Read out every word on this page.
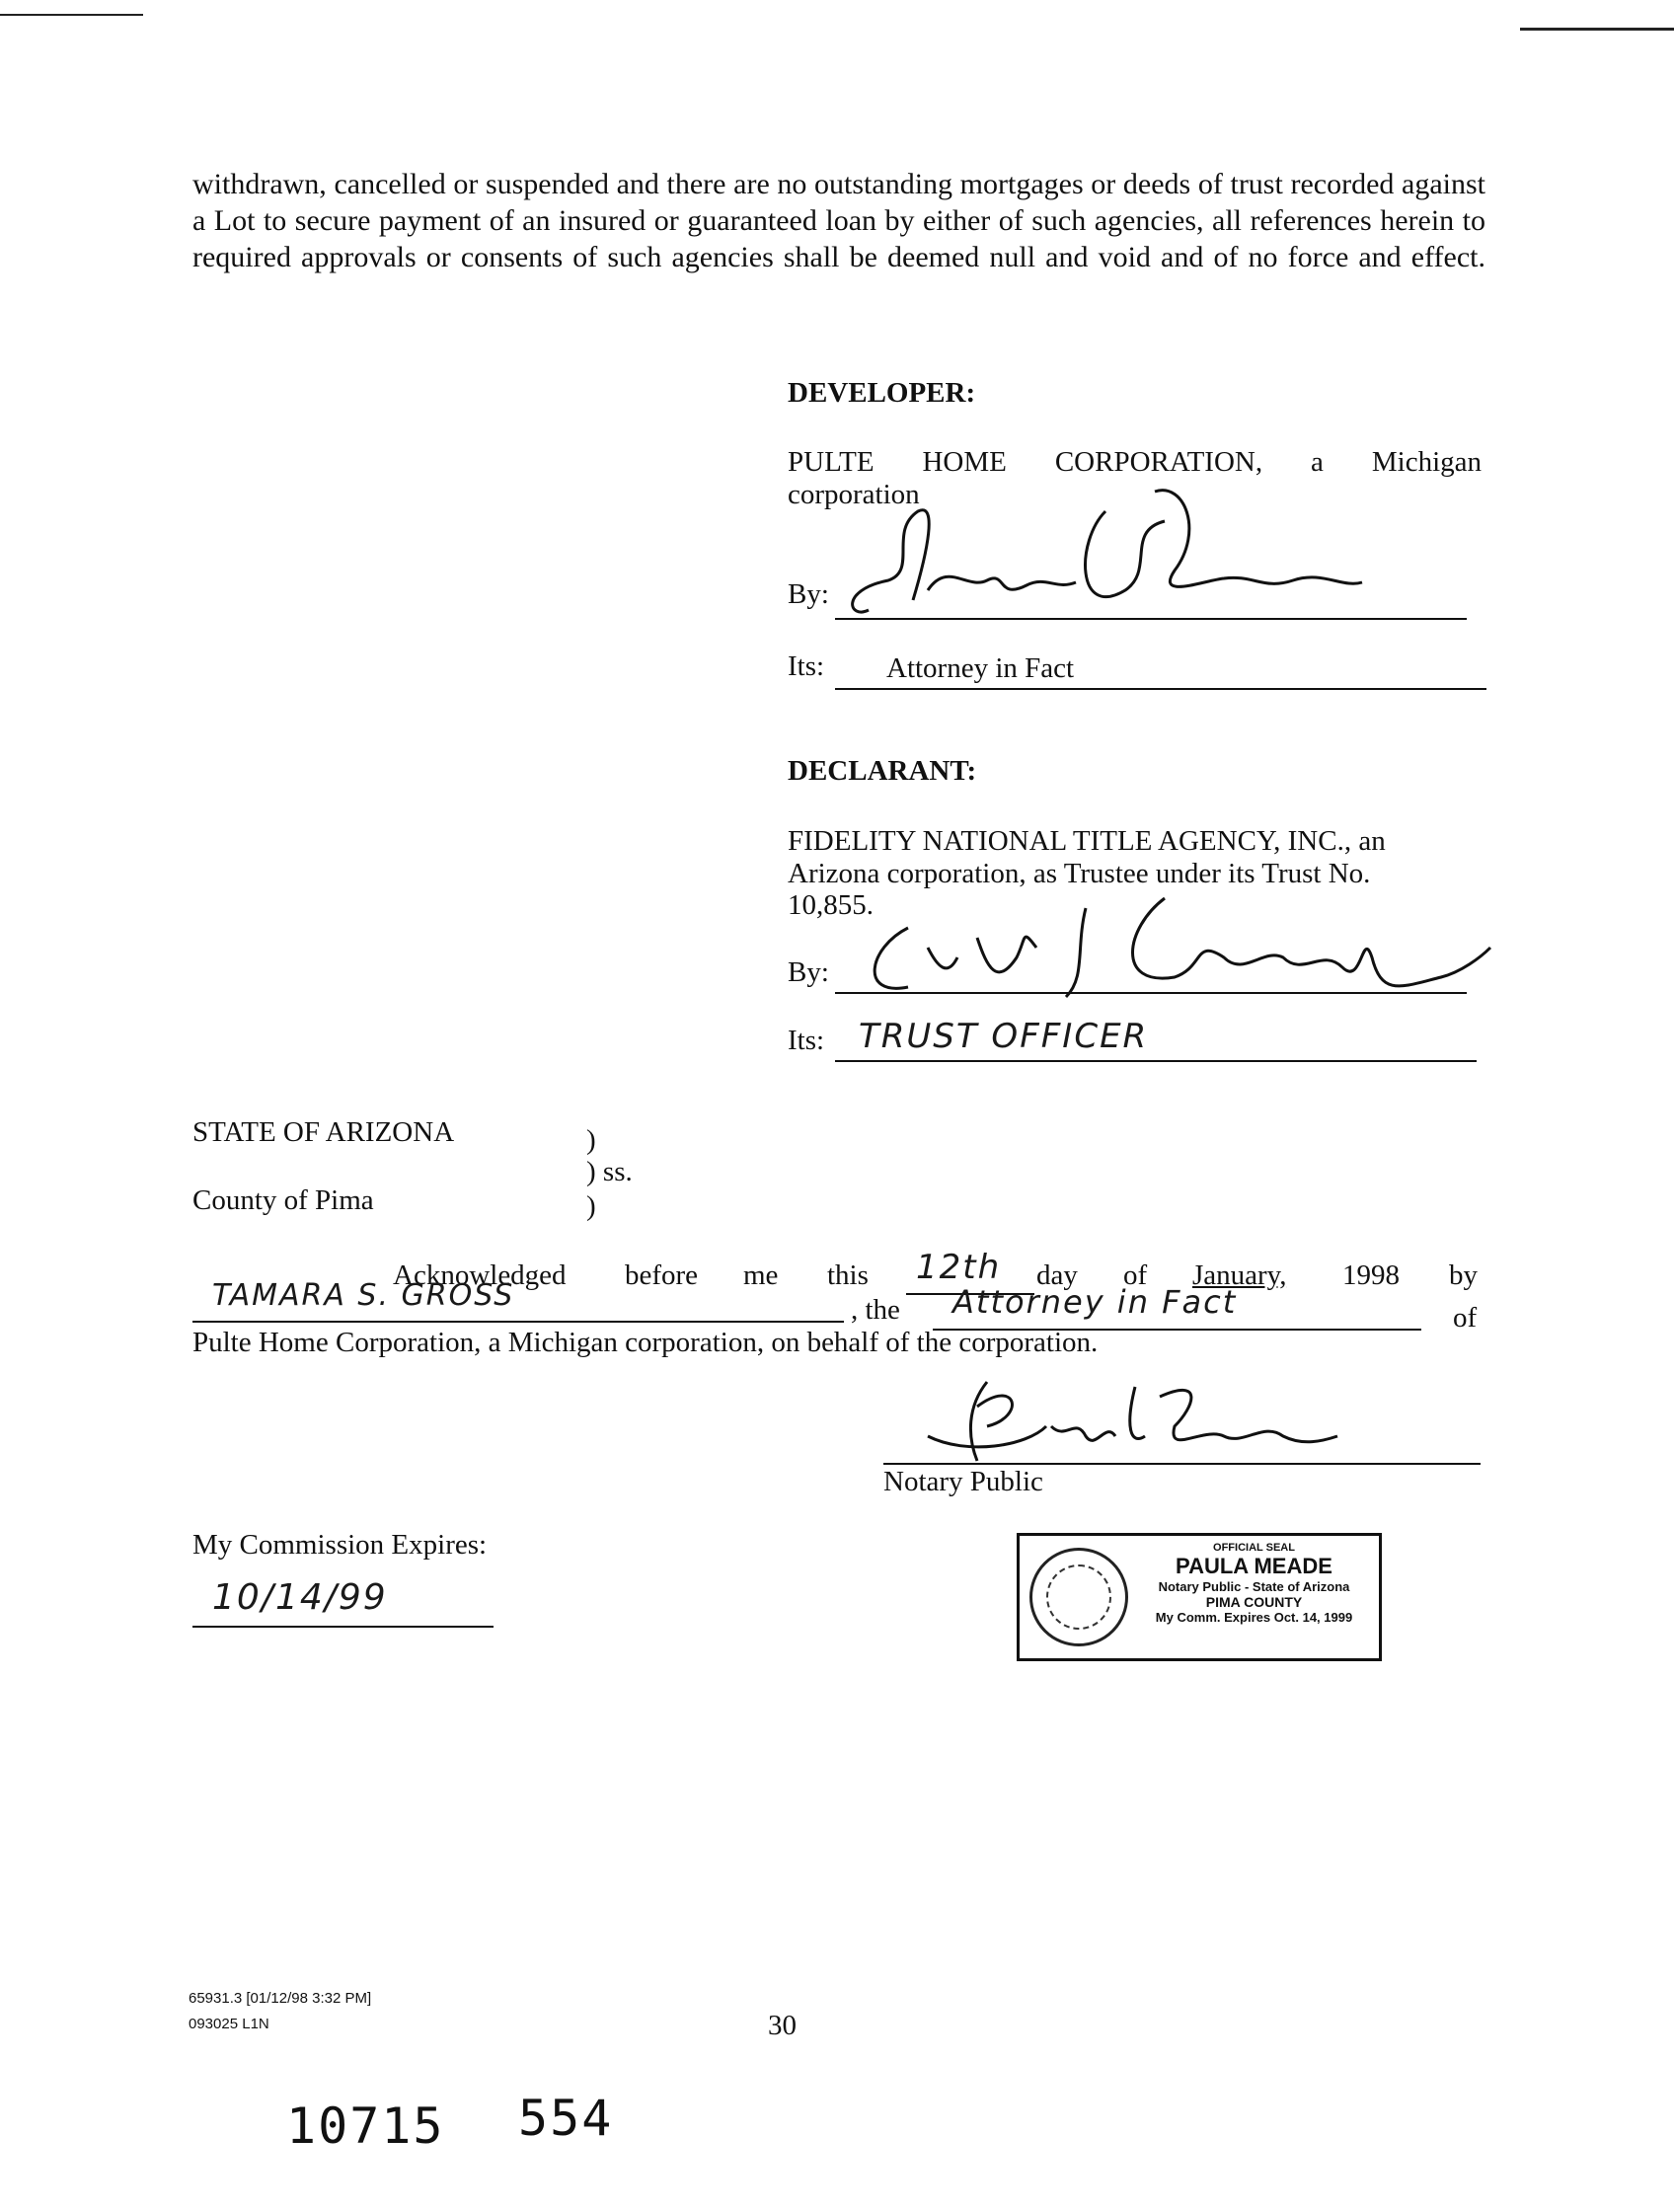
withdrawn, cancelled or suspended and there are no outstanding mortgages or deeds of trust recorded against a Lot to secure payment of an insured or guaranteed loan by either of such agencies, all references herein to required approvals or consents of such agencies shall be deemed null and void and of no force and effect.
DEVELOPER:
PULTE HOME CORPORATION, a Michigan
corporation
By:
Its: Attorney in Fact
DECLARANT:
FIDELITY NATIONAL TITLE AGENCY, INC., an
Arizona corporation, as Trustee under its Trust No.
10,855.
By:
Its: TRUST OFFICER
STATE OF ARIZONA	)
) ss.
County of Pima	)
Acknowledged before me this 12th day of January, 1998 by
TAMARA S. GROSS	, the Attorney in Fact	of
Pulte Home Corporation, a Michigan corporation, on behalf of the corporation.
Notary Public
My Commission Expires:
10/14/99
OFFICIAL SEAL
PAULA MEADE
Notary Public - State of Arizona
PIMA COUNTY
My Comm. Expires Oct. 14, 1999
65931.3 [01/12/98 3:32 PM]
093025 L1N	30
10715 554
